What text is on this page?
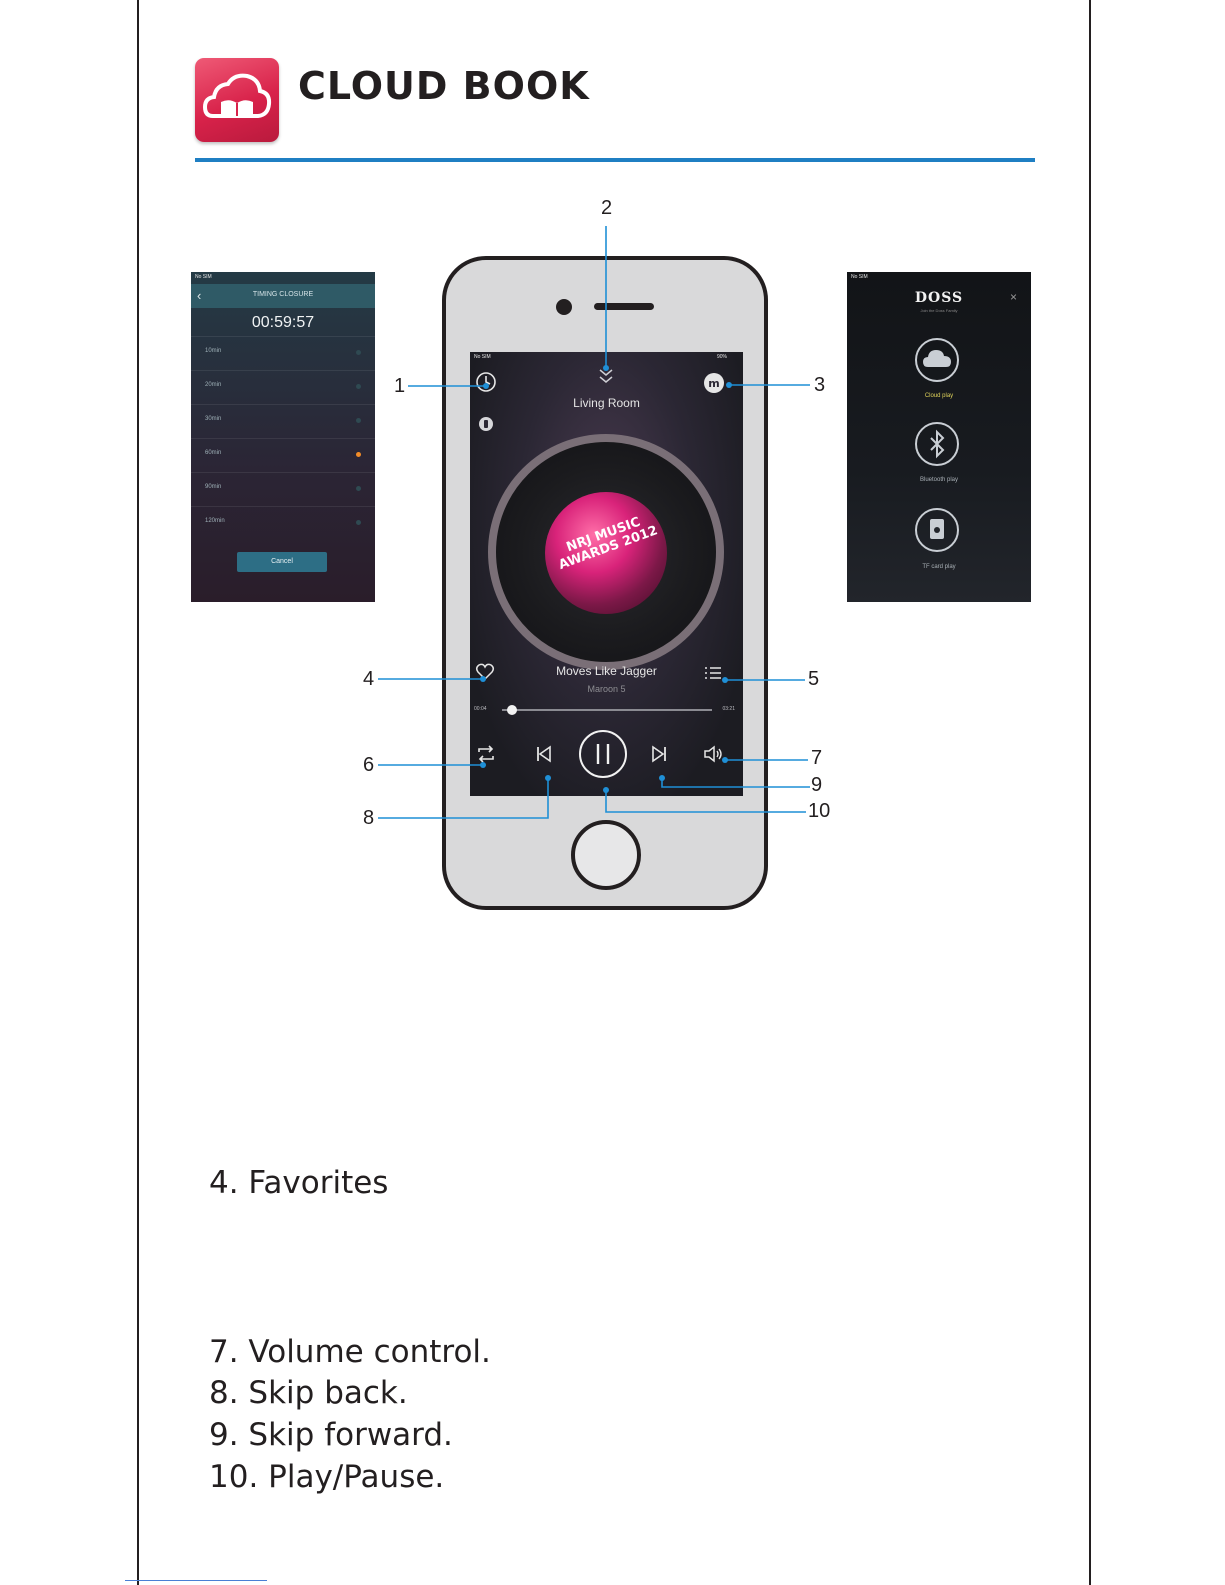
CLOUD BOOK
No SIM
‹	TIMING CLOSURE
00:59:57
10min
20min
30min
60min
90min
120min
Cancel
No SIM
DOSS
Join the Doss Family
×
Cloud play
Bluetooth play
TF card play
No SIM	90%
m
Living Room
NRJ MUSIC AWARDS 2012
Moves Like Jagger
Maroon 5
00:04	03:21
1
2
3
4	5
6	7
8
9
10
4. Favorites
7. Volume control.
8. Skip back.
9. Skip forward.
10. Play/Pause.
